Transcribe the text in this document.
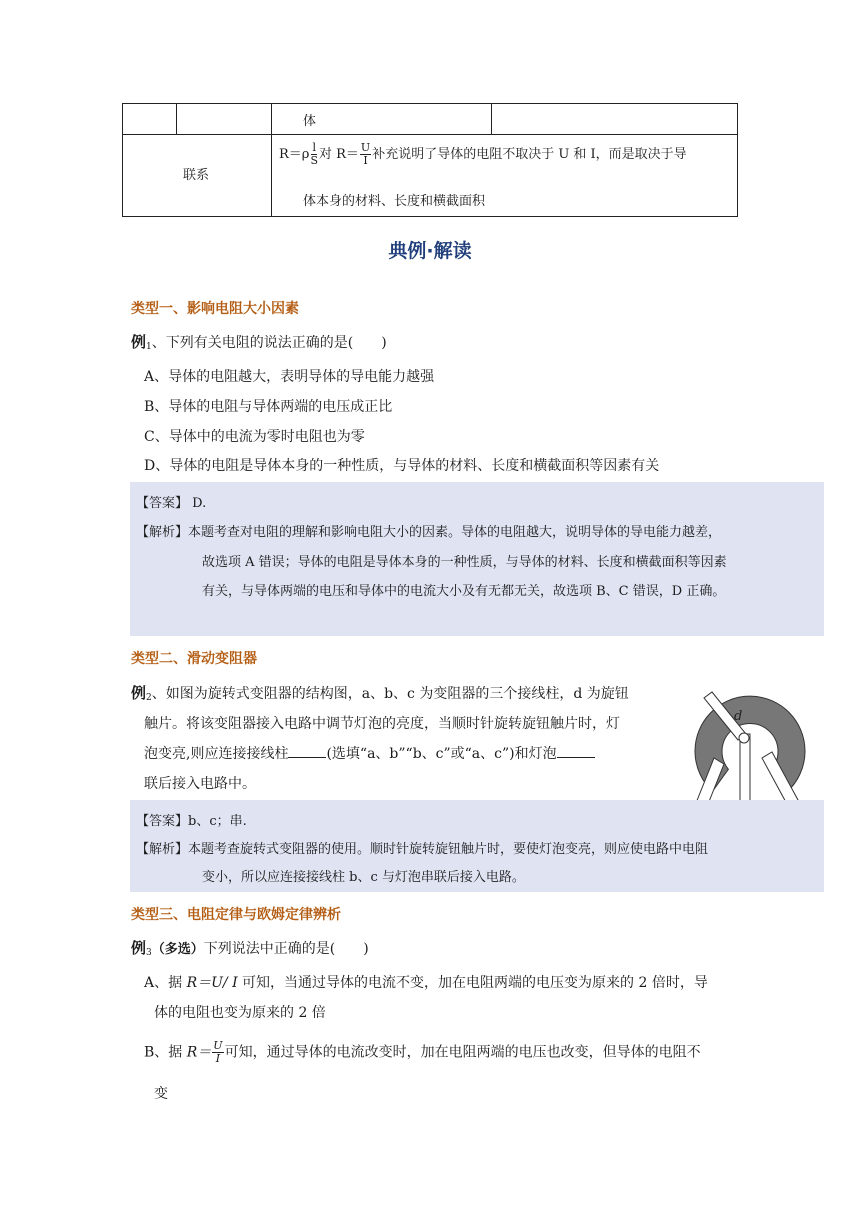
体
联系
$R=\rho \frac{l}{S}$ 对 $R= \frac{U}{I}$ 补充说明了导体的电阻不取决于 U 和 I，而是取决于导
体本身的材料、长度和横截面积
典例·解读
类型一、影响电阻大小因素
例$_1$、下列有关电阻的说法正确的是(　　)
A、导体的电阻越大，表明导体的导电能力越强
B、导体的电阻与导体两端的电压成正比
C、导体中的电流为零时电阻也为零
D、导体的电阻是导体本身的一种性质，与导体的材料、长度和横截面积等因素有关
【答案】 D.
【解析】本题考查对电阻的理解和影响电阻大小的因素。导体的电阻越大，说明导体的导电能力越差，
故选项 A 错误；导体的电阻是导体本身的一种性质，与导体的材料、长度和横截面积等因素
有关，与导体两端的电压和导体中的电流大小及有无都无关，故选项 B、C 错误，D 正确。
类型二、滑动变阻器
例$_2$、如图为旋转式变阻器的结构图，a、b、c 为变阻器的三个接线柱，d 为旋钮
触片。将该变阻器接入电路中调节灯泡的亮度，当顺时针旋转旋钮触片时，灯
泡变亮,则应连接接线柱	(选填“a、b”“b、c”或“a、c”)和灯泡
联后接入电路中。
d
【答案】b、c；串.
【解析】本题考查旋转式变阻器的使用。顺时针旋转旋钮触片时，要使灯泡变亮，则应使电路中电阻
变小，所以应连接接线柱 b、c 与灯泡串联后接入电路。
类型三、电阻定律与欧姆定律辨析
例$_3$（多选）下列说法中正确的是(　　)
A、据 R＝U/ I 可知，当通过导体的电流不变，加在电阻两端的电压变为原来的 2 倍时，导
体的电阻也变为原来的 2 倍
B、据 $R= \frac{U}{I}$ 可知，通过导体的电流改变时，加在电阻两端的电压也改变，但导体的电阻不
变
